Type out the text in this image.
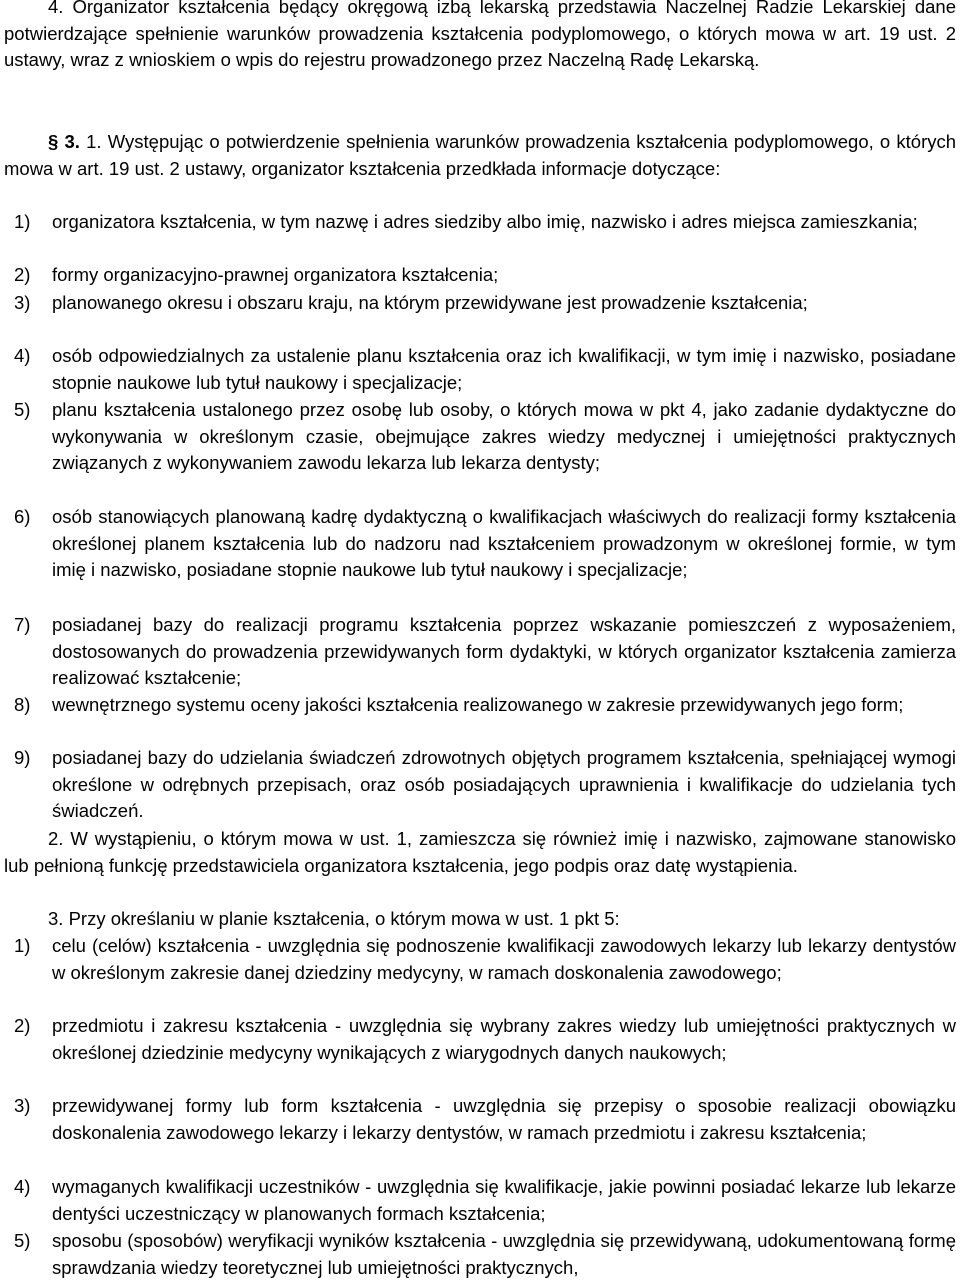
4. Organizator kształcenia będący okręgową izbą lekarską przedstawia Naczelnej Radzie Lekarskiej dane potwierdzające spełnienie warunków prowadzenia kształcenia podyplomowego, o których mowa w art. 19 ust. 2 ustawy, wraz z wnioskiem o wpis do rejestru prowadzonego przez Naczelną Radę Lekarską.

§ 3. 1. Występując o potwierdzenie spełnienia warunków prowadzenia kształcenia podyplomowego, o których mowa w art. 19 ust. 2 ustawy, organizator kształcenia przedkłada informacje dotyczące:

1) organizatora kształcenia, w tym nazwę i adres siedziby albo imię, nazwisko i adres miejsca zamieszkania;
2) formy organizacyjno-prawnej organizatora kształcenia;
3) planowanego okresu i obszaru kraju, na którym przewidywane jest prowadzenie kształcenia;
4) osób odpowiedzialnych za ustalenie planu kształcenia oraz ich kwalifikacji, w tym imię i nazwisko, posiadane stopnie naukowe lub tytuł naukowy i specjalizacje;
5) planu kształcenia ustalonego przez osobę lub osoby, o których mowa w pkt 4, jako zadanie dydaktyczne do wykonywania w określonym czasie, obejmujące zakres wiedzy medycznej i umiejętności praktycznych związanych z wykonywaniem zawodu lekarza lub lekarza dentysty;
6) osób stanowiących planowaną kadrę dydaktyczną o kwalifikacjach właściwych do realizacji formy kształcenia określonej planem kształcenia lub do nadzoru nad kształceniem prowadzonym w określonej formie, w tym imię i nazwisko, posiadane stopnie naukowe lub tytuł naukowy i specjalizacje;
7) posiadanej bazy do realizacji programu kształcenia poprzez wskazanie pomieszczeń z wyposażeniem, dostosowanych do prowadzenia przewidywanych form dydaktyki, w których organizator kształcenia zamierza realizować kształcenie;
8) wewnętrznego systemu oceny jakości kształcenia realizowanego w zakresie przewidywanych jego form;
9) posiadanej bazy do udzielania świadczeń zdrowotnych objętych programem kształcenia, spełniającej wymogi określone w odrębnych przepisach, oraz osób posiadających uprawnienia i kwalifikacje do udzielania tych świadczeń.

2. W wystąpieniu, o którym mowa w ust. 1, zamieszcza się również imię i nazwisko, zajmowane stanowisko lub pełnioną funkcję przedstawiciela organizatora kształcenia, jego podpis oraz datę wystąpienia.

3. Przy określaniu w planie kształcenia, o którym mowa w ust. 1 pkt 5:

1) celu (celów) kształcenia - uwzględnia się podnoszenie kwalifikacji zawodowych lekarzy lub lekarzy dentystów w określonym zakresie danej dziedziny medycyny, w ramach doskonalenia zawodowego;
2) przedmiotu i zakresu kształcenia - uwzględnia się wybrany zakres wiedzy lub umiejętności praktycznych w określonej dziedzinie medycyny wynikających z wiarygodnych danych naukowych;
3) przewidywanej formy lub form kształcenia - uwzględnia się przepisy o sposobie realizacji obowiązku doskonalenia zawodowego lekarzy i lekarzy dentystów, w ramach przedmiotu i zakresu kształcenia;
4) wymaganych kwalifikacji uczestników - uwzględnia się kwalifikacje, jakie powinni posiadać lekarze lub lekarze dentyści uczestniczący w planowanych formach kształcenia;
5) sposobu (sposobów) weryfikacji wyników kształcenia - uwzględnia się przewidywaną, udokumentowaną formę sprawdzania wiedzy teoretycznej lub umiejętności praktycznych,
